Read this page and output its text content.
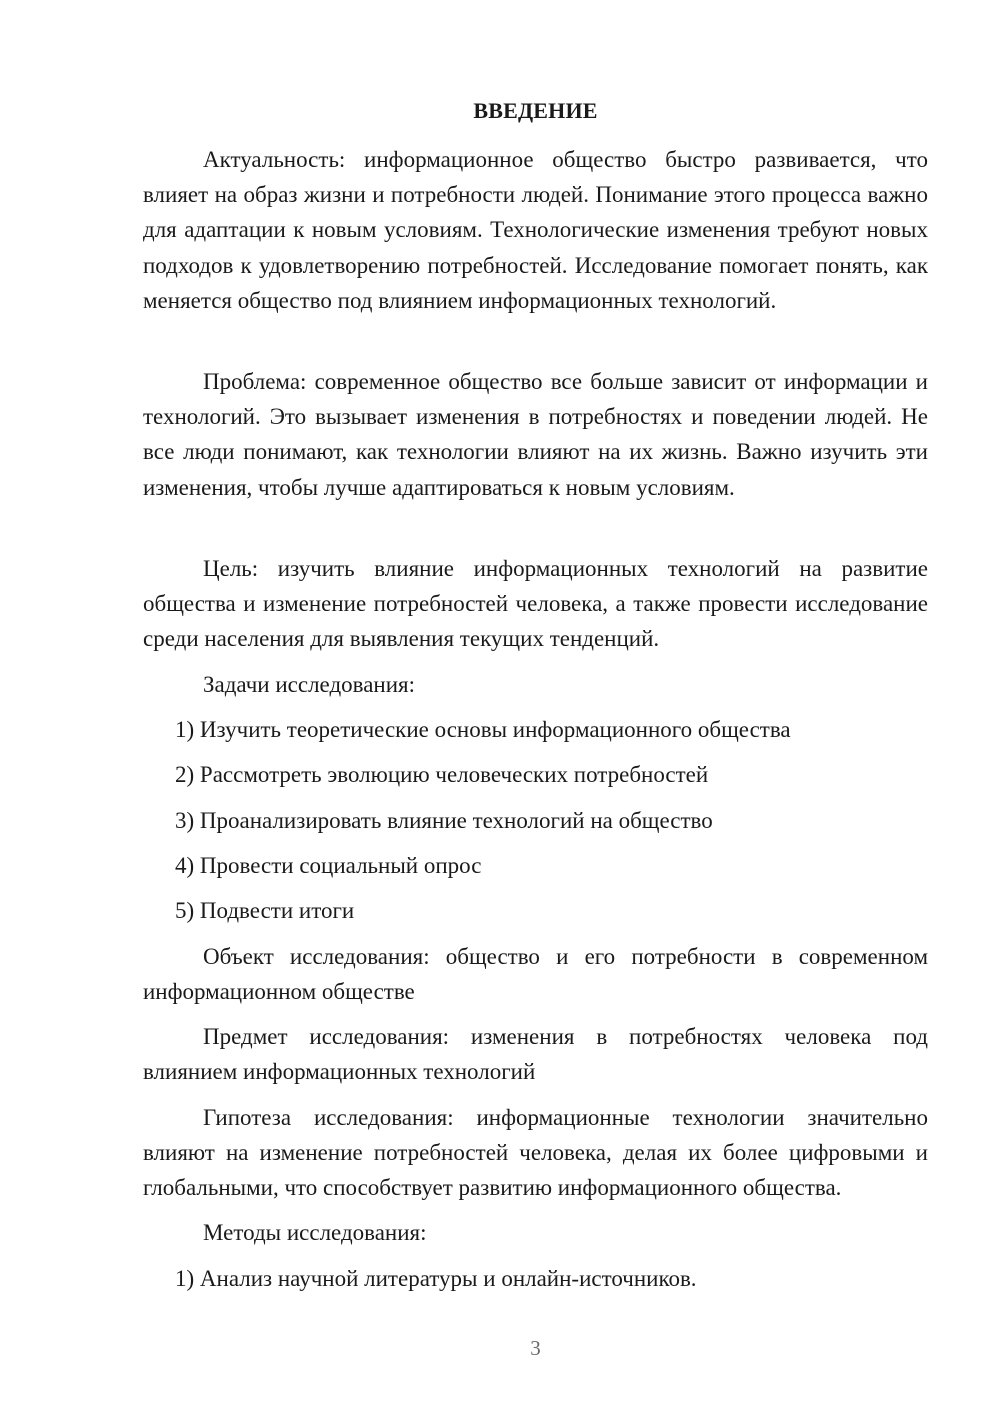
ВВЕДЕНИЕ

Актуальность: информационное общество быстро развивается, что влияет на образ жизни и потребности людей. Понимание этого процесса важно для адаптации к новым условиям. Технологические изменения требуют новых подходов к удовлетворению потребностей. Исследование помогает понять, как меняется общество под влиянием информационных технологий.

Проблема: современное общество все больше зависит от информации и технологий. Это вызывает изменения в потребностях и поведении людей. Не все люди понимают, как технологии влияют на их жизнь. Важно изучить эти изменения, чтобы лучше адаптироваться к новым условиям.

Цель: изучить влияние информационных технологий на развитие общества и изменение потребностей человека, а также провести исследование среди населения для выявления текущих тенденций.

Задачи исследования:

1) Изучить теоретические основы информационного общества

2) Рассмотреть эволюцию человеческих потребностей

3) Проанализировать влияние технологий на общество

4) Провести социальный опрос

5) Подвести итоги

Объект исследования: общество и его потребности в современном информационном обществе

Предмет исследования: изменения в потребностях человека под влиянием информационных технологий

Гипотеза исследования: информационные технологии значительно влияют на изменение потребностей человека, делая их более цифровыми и глобальными, что способствует развитию информационного общества.

Методы исследования:

1) Анализ научной литературы и онлайн-источников.

3
